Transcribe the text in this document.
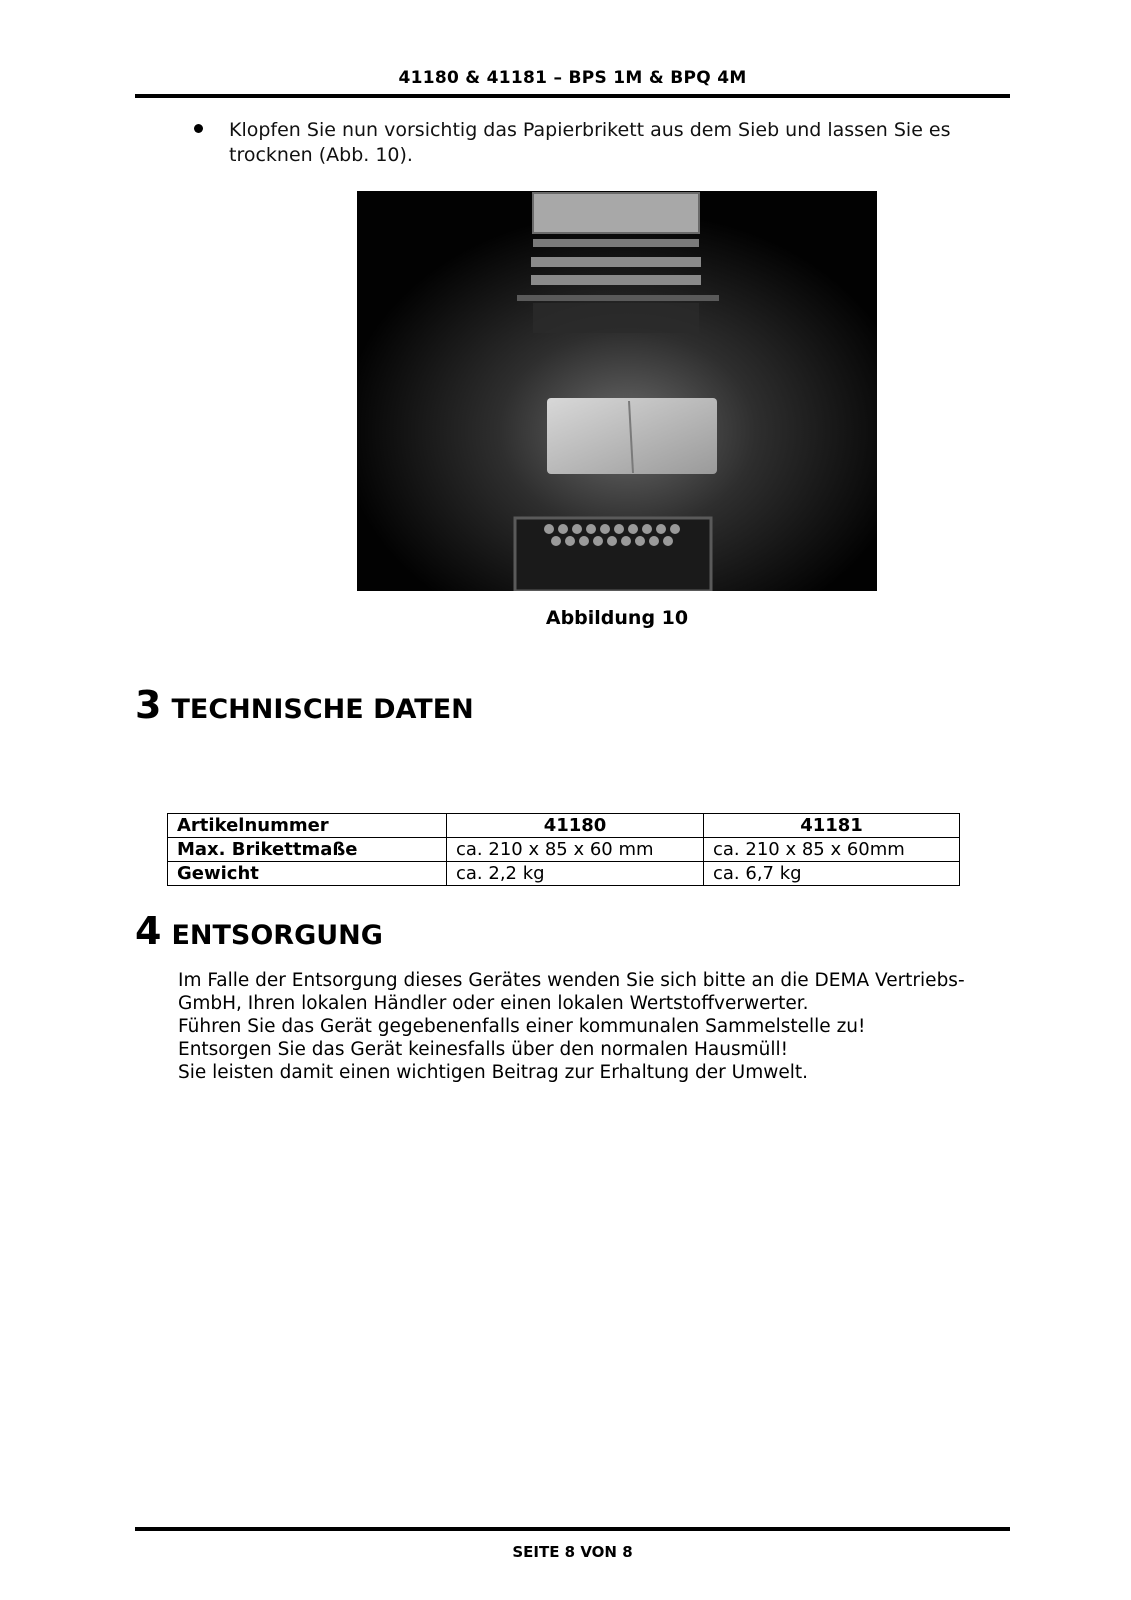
41180 & 41181 – BPS 1M & BPQ 4M
Klopfen Sie nun vorsichtig das Papierbrikett aus dem Sieb und lassen Sie es trocknen (Abb. 10).
Abbildung 10
3 TECHNISCHE DATEN
Artikelnummer	41180	41181
Max. Brikettmaße	ca. 210 x 85 x 60 mm	ca. 210 x 85 x 60mm
Gewicht	ca. 2,2 kg	ca. 6,7 kg
4 ENTSORGUNG

Im Falle der Entsorgung dieses Gerätes wenden Sie sich bitte an die DEMA Vertriebs-

GmbH, Ihren lokalen Händler oder einen lokalen Wertstoffverwerter.

Führen Sie das Gerät gegebenenfalls einer kommunalen Sammelstelle zu!

Entsorgen Sie das Gerät keinesfalls über den normalen Hausmüll!

Sie leisten damit einen wichtigen Beitrag zur Erhaltung der Umwelt.

SEITE 8 VON 8
